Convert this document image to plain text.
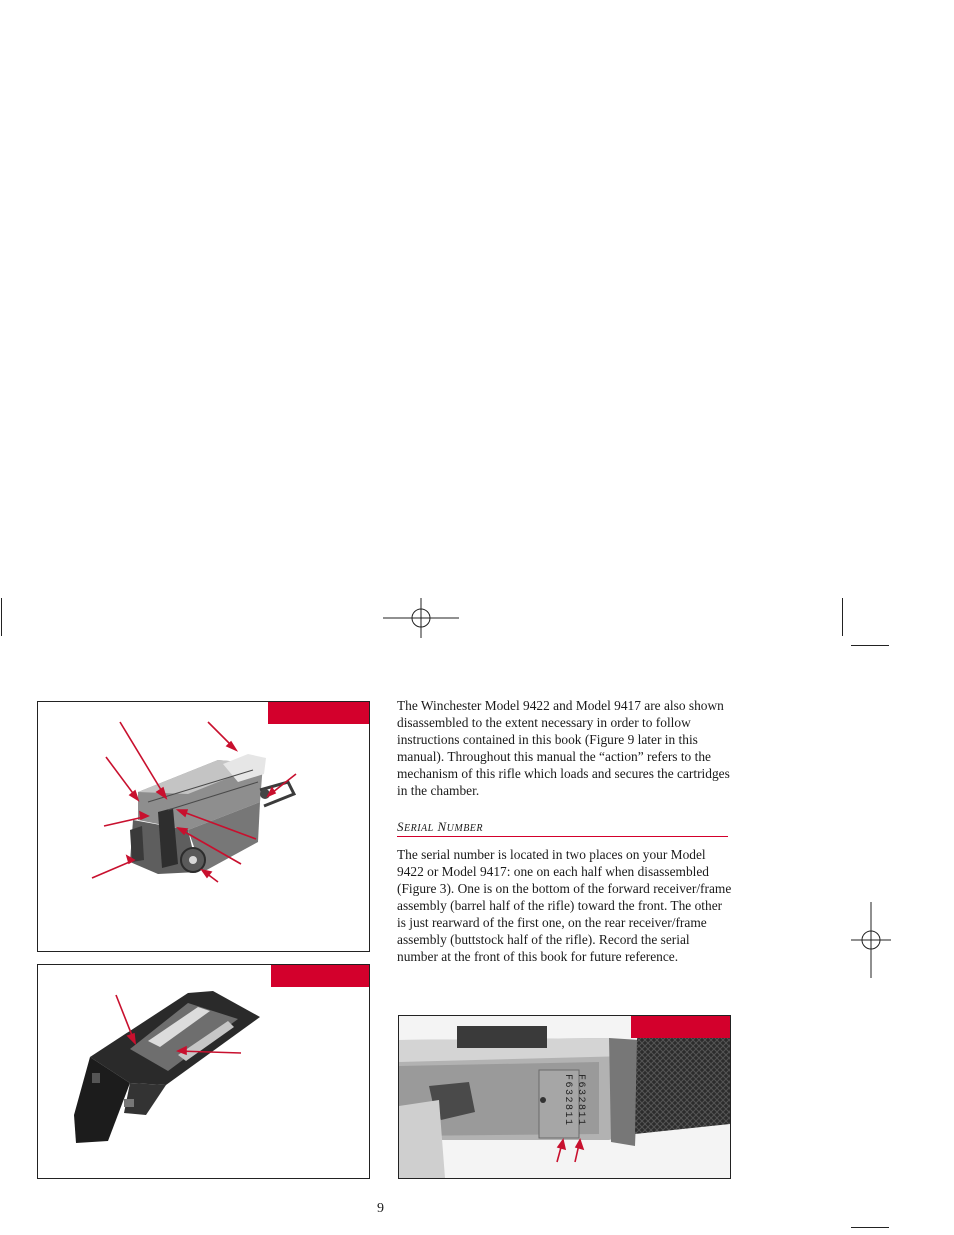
The Winchester Model 9422 and Model 9417 are also shown disassembled to the extent necessary in order to follow instructions contained in this book (Figure 9 later in this manual). Throughout this manual the “action” refers to the mechanism of this rifle which loads and secures the cartridges in the chamber.

SERIAL NUMBER

The serial number is located in two places on your Model 9422 or Model 9417: one on each half when disassembled (Figure 3). One is on the bottom of the forward receiver/frame assembly (barrel half of the rifle) toward the front. The other is just rearward of the first one, on the rear receiver/frame assembly (buttstock half of the rifle). Record the serial number at the front of this book for future reference.

F632811
F632811
9
